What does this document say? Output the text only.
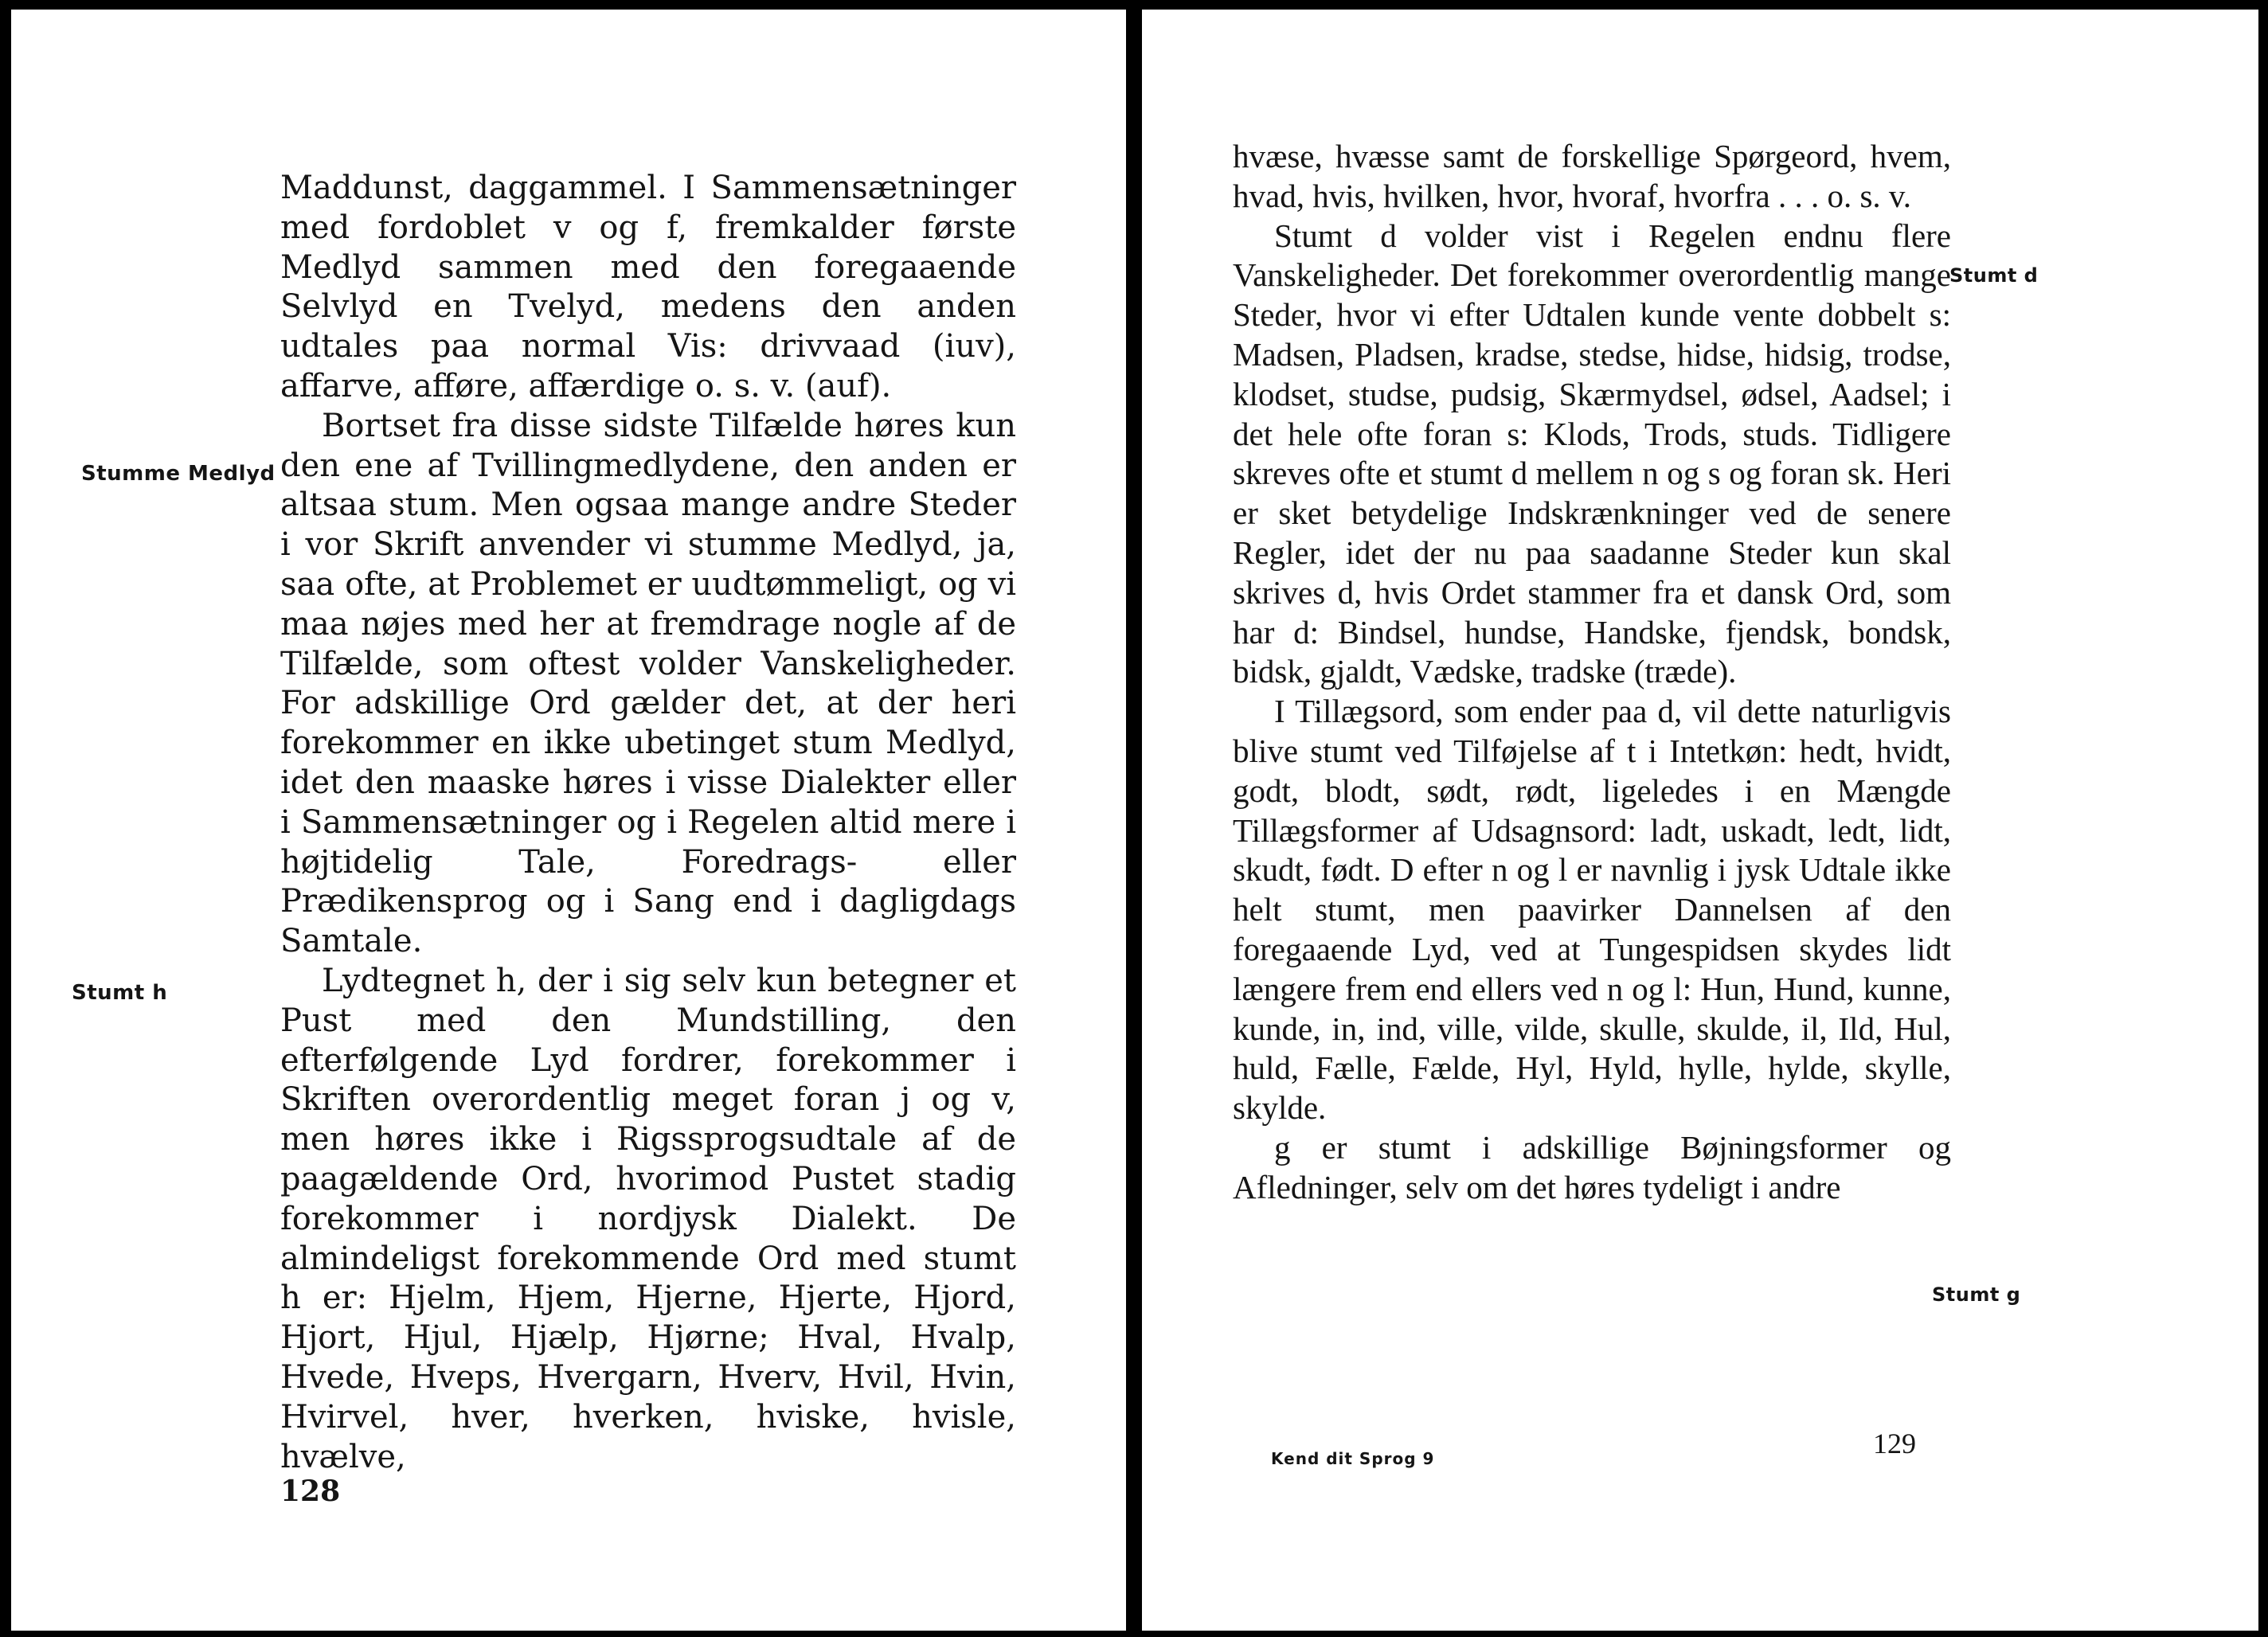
Maddunst, daggammel. I Sammensætninger med fordoblet v og f, fremkalder første Medlyd sammen med den foregaaende Selvlyd en Tvelyd, medens den anden udtales paa normal Vis: drivvaad (iuv), affarve, afføre, affærdige o. s. v. (auf).

Bortset fra disse sidste Tilfælde høres kun den ene af Tvillingmedlydene, den anden er altsaa stum. Men ogsaa mange andre Steder i vor Skrift anvender vi stumme Medlyd, ja, saa ofte, at Problemet er uudtømmeligt, og vi maa nøjes med her at fremdrage nogle af de Tilfælde, som oftest volder Vanskeligheder. For adskillige Ord gælder det, at der heri forekommer en ikke ubetinget stum Medlyd, idet den maaske høres i visse Dialekter eller i Sammensætninger og i Regelen altid mere i højtidelig Tale, Foredrags- eller Prædikensprog og i Sang end i dagligdags Samtale.

Lydtegnet h, der i sig selv kun betegner et Pust med den Mundstilling, den efterfølgende Lyd fordrer, forekommer i Skriften overordentlig meget foran j og v, men høres ikke i Rigssprogsudtale af de paagældende Ord, hvorimod Pustet stadig forekommer i nordjysk Dialekt. De almindeligst forekommende Ord med stumt h er: Hjelm, Hjem, Hjerne, Hjerte, Hjord, Hjort, Hjul, Hjælp, Hjørne; Hval, Hvalp, Hvede, Hveps, Hvergarn, Hverv, Hvil, Hvin, Hvirvel, hver, hverken, hviske, hvisle, hvælve,

Stumme Medlyd
Stumt h
128

hvæse, hvæsse samt de forskellige Spørgeord, hvem, hvad, hvis, hvilken, hvor, hvoraf, hvorfra . . . o. s. v.

Stumt d volder vist i Regelen endnu flere Vanskeligheder. Det forekommer overordentlig mange Steder, hvor vi efter Udtalen kunde vente dobbelt s: Madsen, Pladsen, kradse, stedse, hidse, hidsig, trodse, klodset, studse, pudsig, Skærmydsel, ødsel, Aadsel; i det hele ofte foran s: Klods, Trods, studs. Tidligere skreves ofte et stumt d mellem n og s og foran sk. Heri er sket betydelige Indskrænkninger ved de senere Regler, idet der nu paa saadanne Steder kun skal skrives d, hvis Ordet stammer fra et dansk Ord, som har d: Bindsel, hundse, Handske, fjendsk, bondsk, bidsk, gjaldt, Vædske, tradske (træde).

I Tillægsord, som ender paa d, vil dette naturligvis blive stumt ved Tilføjelse af t i Intetkøn: hedt, hvidt, godt, blodt, sødt, rødt, ligeledes i en Mængde Tillægsformer af Udsagnsord: ladt, uskadt, ledt, lidt, skudt, født. D efter n og l er navnlig i jysk Udtale ikke helt stumt, men paavirker Dannelsen af den foregaaende Lyd, ved at Tungespidsen skydes lidt længere frem end ellers ved n og l: Hun, Hund, kunne, kunde, in, ind, ville, vilde, skulle, skulde, il, Ild, Hul, huld, Fælle, Fælde, Hyl, Hyld, hylle, hylde, skylle, skylde.

g er stumt i adskillige Bøjningsformer og Afledninger, selv om det høres tydeligt i andre

Stumt d
Stumt g
Kend dit Sprog 9	129
